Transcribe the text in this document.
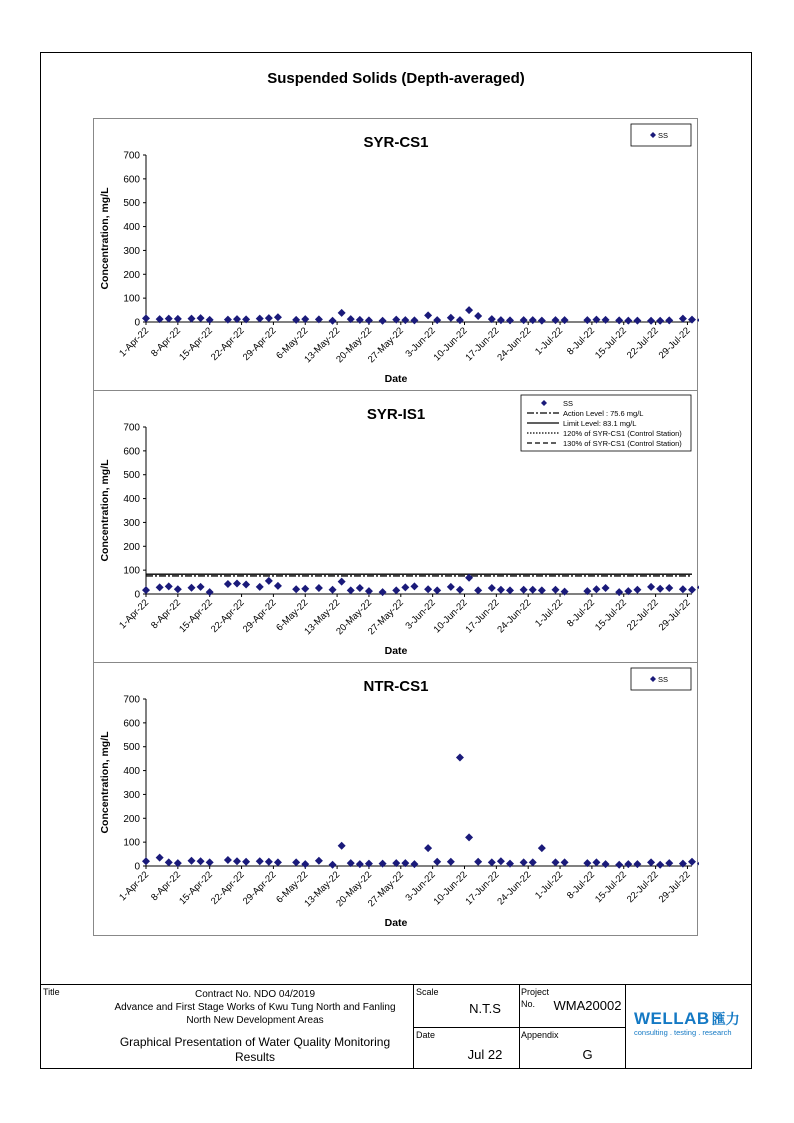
Suspended Solids (Depth-averaged)
SYR-CS1
0
100
200
300
400
500
600
700
1-Apr-22
8-Apr-22
15-Apr-22
22-Apr-22
29-Apr-22
6-May-22
13-May-22
20-May-22
27-May-22
3-Jun-22
10-Jun-22
17-Jun-22
24-Jun-22 1-Jul-22 8-Jul-22
15-Jul-22
22-Jul-22
29-Jul-22
Concentration, mg/L
Date
SS
SYR-IS1
0
100
200
300
400
500
600
700
1-Apr-22
8-Apr-22
15-Apr-22
22-Apr-22
29-Apr-22
6-May-22
13-May-22
20-May-22
27-May-22
3-Jun-22
10-Jun-22
17-Jun-22
24-Jun-22 1-Jul-22 8-Jul-22
15-Jul-22
22-Jul-22
29-Jul-22
Concentration, mg/L
Date
SS
Action Level : 75.6 mg/L
Limit Level: 83.1 mg/L
120% of SYR-CS1 (Control Station)
130% of SYR-CS1 (Control Station)
NTR-CS1
0
100
200
300
400
500
600
700
1-Apr-22
8-Apr-22
15-Apr-22
22-Apr-22
29-Apr-22
6-May-22
13-May-22
20-May-22
27-May-22
3-Jun-22
10-Jun-22
17-Jun-22
24-Jun-22 1-Jul-22 8-Jul-22
15-Jul-22
22-Jul-22
29-Jul-22
Concentration, mg/L
Date
SS
Title	Contract No. NDO 04/2019
Advance and First Stage Works of Kwu Tung North and Fanling
North New Development Areas
Graphical Presentation of Water Quality Monitoring
Results
Scale
N.T.S
Date
Jul 22
Project
No. WMA20002
Appendix
G
WELLAB 匯力
consulting . testing . research
